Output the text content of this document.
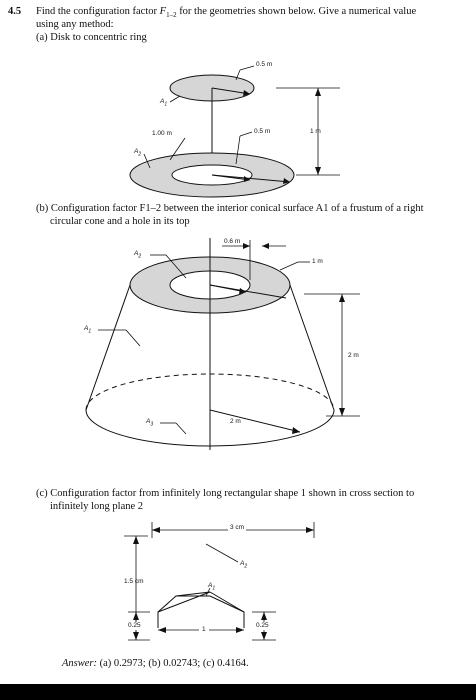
4.5 Find the configuration factor $F_{1-2}$ for the geometries shown below. Give a numerical value
using any method:
(a) Disk to concentric ring
0.5 m
0.5 m
1.00 m	1 m
$A_1$
$A_2$
(b) Configuration factor F1–2 between the interior conical surface A1 of a frustum of a right
circular cone and a hole in its top
0.6 m
1 m
2 m
2 m
$A_2$
$A_1$
$A_3$
(c) Configuration factor from infinitely long rectangular shape 1 shown in cross section to
infinitely long plane 2
3 cm
$A_2$
$A_1$
1.5 cm
0.25	0.25
1
Answer: (a) 0.2973; (b) 0.02743; (c) 0.4164.
